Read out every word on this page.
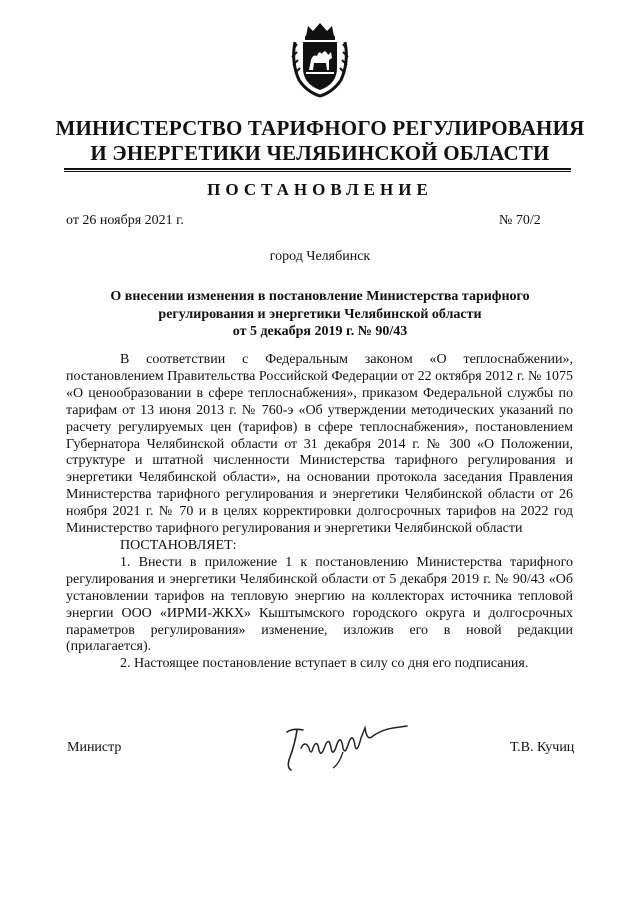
МИНИСТЕРСТВО ТАРИФНОГО РЕГУЛИРОВАНИЯ
И ЭНЕРГЕТИКИ ЧЕЛЯБИНСКОЙ ОБЛАСТИ
ПОСТАНОВЛЕНИЕ
от 26 ноября 2021 г.	№ 70/2
город Челябинск
О внесении изменения в постановление Министерства тарифного
регулирования и энергетики Челябинской области
от 5 декабря 2019 г. № 90/43

В соответствии с Федеральным законом «О теплоснабжении», постановлением Правительства Российской Федерации от 22 октября 2012 г. № 1075 «О ценообразовании в сфере теплоснабжения», приказом Федеральной службы по тарифам от 13 июня 2013 г. № 760-э «Об утверждении методических указаний по расчету регулируемых цен (тарифов) в сфере теплоснабжения», постановлением Губернатора Челябинской области от 31 декабря 2014 г. № 300 «О Положении, структуре и штатной численности Министерства тарифного регулирования и энергетики Челябинской области», на основании протокола заседания Правления Министерства тарифного регулирования и энергетики Челябинской области от 26 ноября 2021 г. № 70 и в целях корректировки долгосрочных тарифов на 2022 год Министерство тарифного регулирования и энергетики Челябинской области

ПОСТАНОВЛЯЕТ:

1. Внести в приложение 1 к постановлению Министерства тарифного регулирования и энергетики Челябинской области от 5 декабря 2019 г. № 90/43 «Об установлении тарифов на тепловую энергию на коллекторах источника тепловой энергии ООО «ИРМИ-ЖКХ» Кыштымского городского округа и долгосрочных параметров регулирования» изменение, изложив его в новой редакции (прилагается).

2. Настоящее постановление вступает в силу со дня его подписания.

Министр	Т.В. Кучиц
